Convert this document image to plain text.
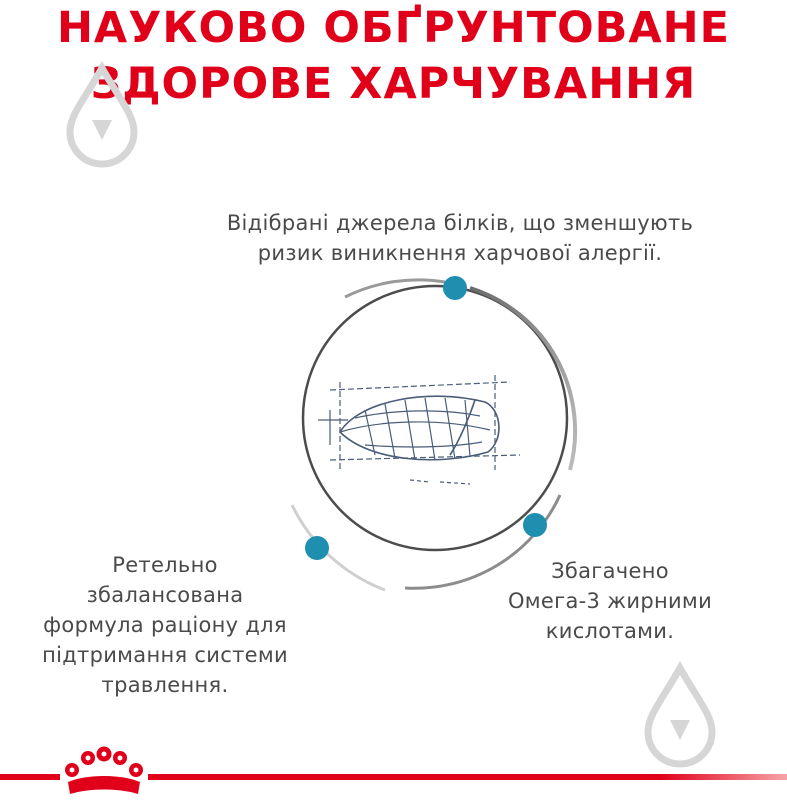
НАУКОВО ОБҐРУНТОВАНЕ
ЗДОРОВЕ ХАРЧУВАННЯ
Відібрані джерела білків, що зменшують
ризик виникнення харчової алергії.
Ретельно
збалансована
формула раціону для
підтримання системи
травлення.
Збагачено
Омега-3 жирними
кислотами.
